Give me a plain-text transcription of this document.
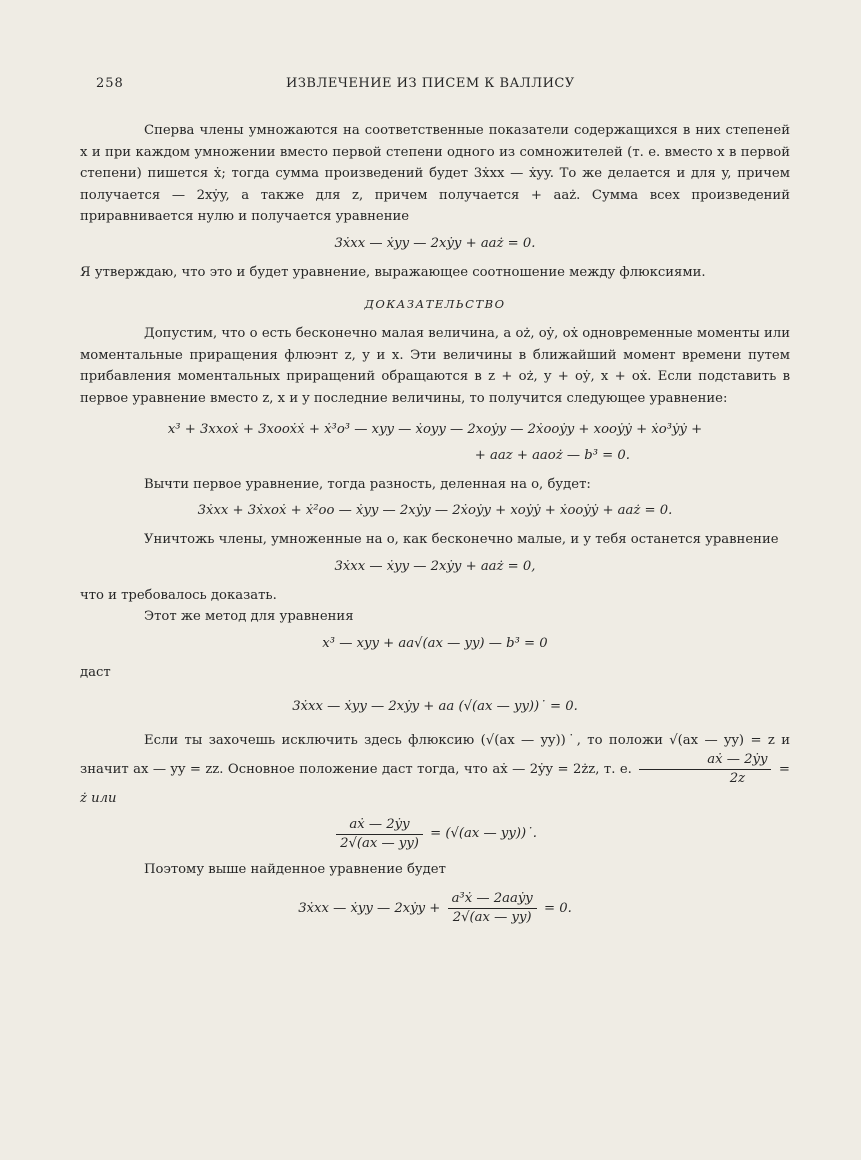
258	ИЗВЛЕЧЕНИЕ ИЗ ПИСЕМ К ВАЛЛИСУ

Сперва члены умножаются на соответственные показатели содержащихся в них степеней x и при каждом умножении вместо первой степени одного из сомножителей (т. е. вместо x в первой степени) пишется ẋ; тогда сумма произведений будет 3ẋxx — ẋyy. То же делается и для y, причем получается — 2xẏy, а также для z, причем получается + aaż. Сумма всех произведений приравнивается нулю и получается уравнение

3ẋxx — ẋyy — 2xẏy + aaż = 0.

Я утверждаю, что это и будет уравнение, выражающее соотношение между флюксиями.

ДОКАЗАТЕЛЬСТВО

Допустим, что o есть бесконечно малая величина, а oż, oẏ, oẋ одновременные моменты или моментальные приращения флюэнт z, y и x. Эти величины в ближайший момент времени путем прибавления моментальных приращений обращаются в z + oż, y + oẏ, x + oẋ. Если подставить в первое уравнение вместо z, x и y последние величины, то получится следующее уравнение:

x³ + 3xxoẋ + 3xooẋẋ + ẋ³o³ — xyy — ẋoyy — 2xoẏy — 2ẋooẏy + xooẏẏ + ẋo³ẏẏ +
+ aaz + aaoż — b³ = 0.

Вычти первое уравнение, тогда разность, деленная на o, будет:

3ẋxx + 3ẋxoẋ + ẋ²oo — ẋyy — 2xẏy — 2ẋoẏy + xoẏẏ + ẋooẏẏ + aaż = 0.

Уничтожь члены, умноженные на o, как бесконечно малые, и у тебя останется уравнение

3ẋxx — ẋyy — 2xẏy + aaż = 0,

что и требовалось доказать.

Этот же метод для уравнения

x³ — xyy + aa√(ax — yy) — b³ = 0

даст

3ẋxx — ẋyy — 2xẏy + aa (√(ax — yy))˙ = 0.

Если ты захочешь исключить здесь флюксию (√(ax — yy))˙, то положи √(ax — yy) = z и значит ax — yy = zz. Основное положение даст тогда, что aẋ — 2ẏy = 2żz, т. е. $\frac{\text{aẋ — 2ẏy}}{2z}$ = ż или

$\frac{\text{aẋ — 2ẏy}}{2√(ax — yy)} = (√(ax$ — yy))˙.

Поэтому выше найденное уравнение будет

3ẋxx — ẋyy — 2xẏy + $\frac{\text{a³ẋ — 2aaẏy}}{2√(ax — yy)} = 0$.
